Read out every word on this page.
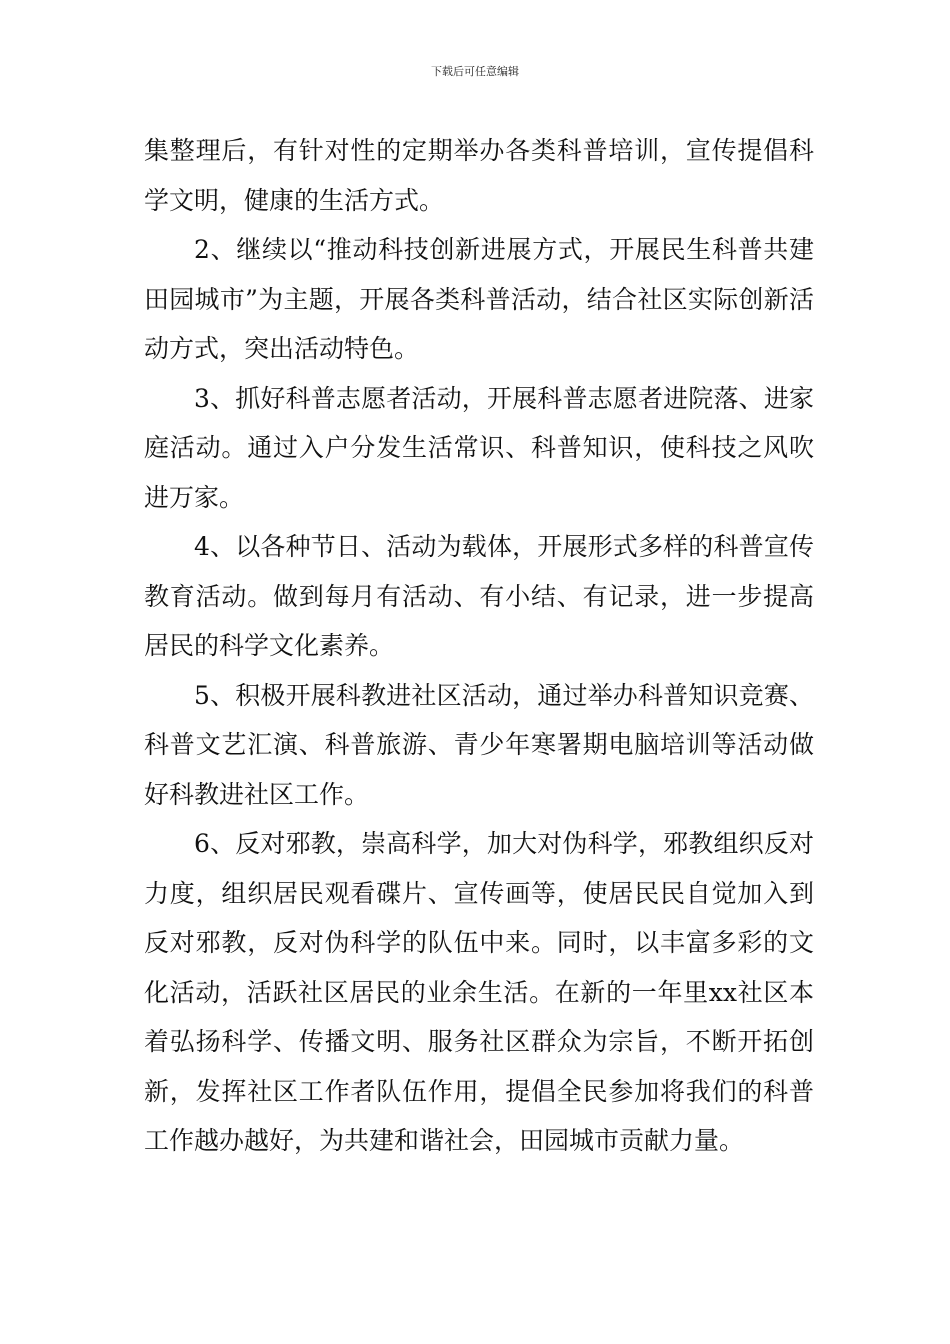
下载后可任意编辑

集整理后，有针对性的定期举办各类科普培训，宣传提倡科学文明，健康的生活方式。

2、继续以“推动科技创新进展方式，开展民生科普共建田园城市”为主题，开展各类科普活动，结合社区实际创新活动方式，突出活动特色。

3、抓好科普志愿者活动，开展科普志愿者进院落、进家庭活动。通过入户分发生活常识、科普知识，使科技之风吹进万家。

4、以各种节日、活动为载体，开展形式多样的科普宣传教育活动。做到每月有活动、有小结、有记录，进一步提高居民的科学文化素养。

5、积极开展科教进社区活动，通过举办科普知识竞赛、科普文艺汇演、科普旅游、青少年寒署期电脑培训等活动做好科教进社区工作。

6、反对邪教，崇高科学，加大对伪科学，邪教组织反对力度，组织居民观看碟片、宣传画等，使居民民自觉加入到反对邪教，反对伪科学的队伍中来。同时，以丰富多彩的文化活动，活跃社区居民的业余生活。在新的一年里xx社区本着弘扬科学、传播文明、服务社区群众为宗旨，不断开拓创新，发挥社区工作者队伍作用，提倡全民参加将我们的科普工作越办越好，为共建和谐社会，田园城市贡献力量。
